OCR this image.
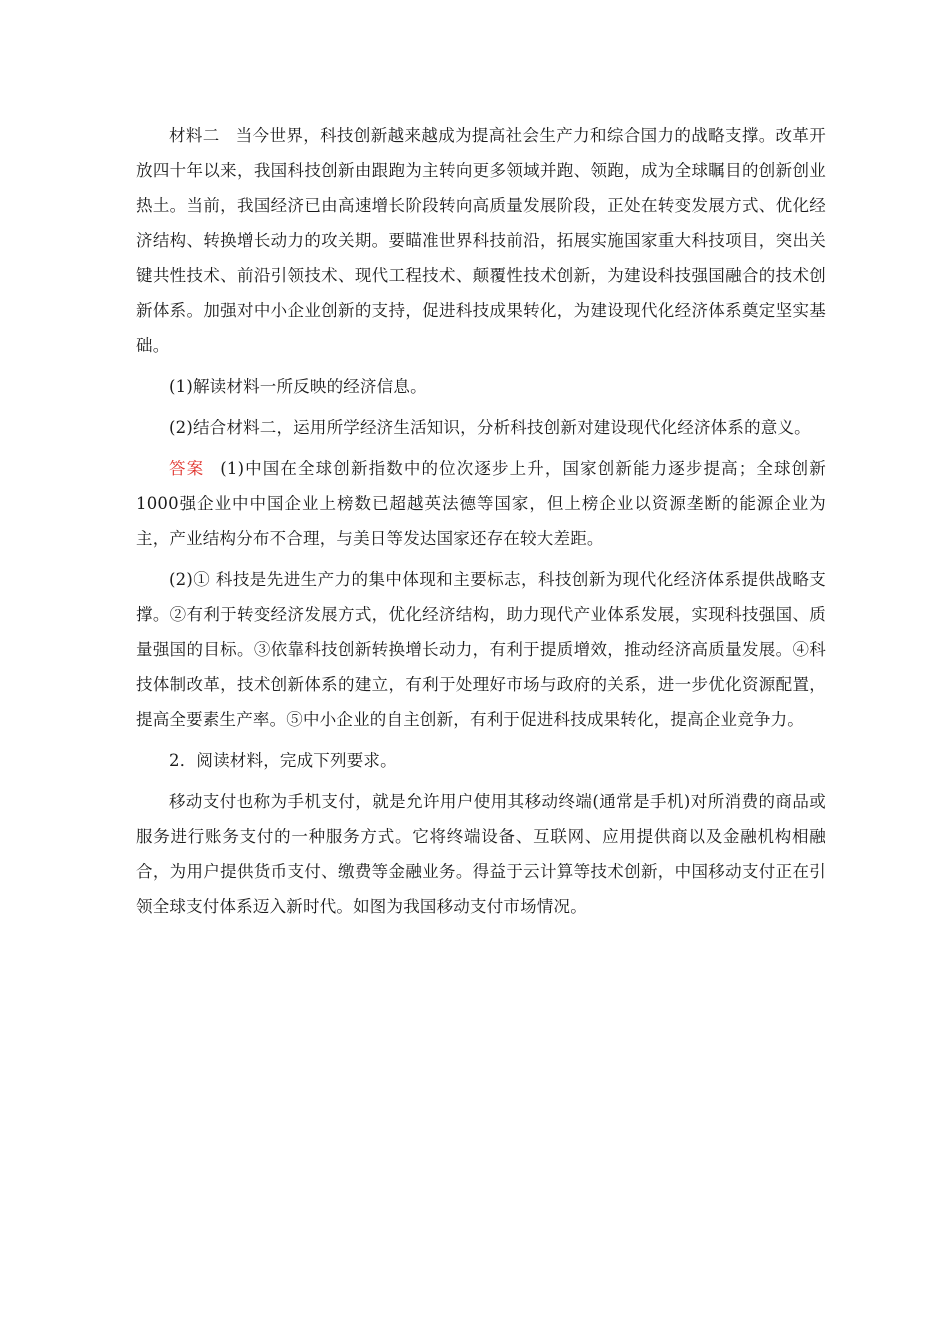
材料二 当今世界，科技创新越来越成为提高社会生产力和综合国力的战略支撑。改革开放四十年以来，我国科技创新由跟跑为主转向更多领域并跑、领跑，成为全球瞩目的创新创业热土。当前，我国经济已由高速增长阶段转向高质量发展阶段，正处在转变发展方式、优化经济结构、转换增长动力的攻关期。要瞄准世界科技前沿，拓展实施国家重大科技项目，突出关键共性技术、前沿引领技术、现代工程技术、颠覆性技术创新，为建设科技强国融合的技术创新体系。加强对中小企业创新的支持，促进科技成果转化，为建设现代化经济体系奠定坚实基础。

(1)解读材料一所反映的经济信息。

(2)结合材料二，运用所学经济生活知识，分析科技创新对建设现代化经济体系的意义。

答案 (1)中国在全球创新指数中的位次逐步上升，国家创新能力逐步提高；全球创新1000强企业中中国企业上榜数已超越英法德等国家，但上榜企业以资源垄断的能源企业为主，产业结构分布不合理，与美日等发达国家还存在较大差距。

(2)① 科技是先进生产力的集中体现和主要标志，科技创新为现代化经济体系提供战略支撑。②有利于转变经济发展方式，优化经济结构，助力现代产业体系发展，实现科技强国、质量强国的目标。③依靠科技创新转换增长动力，有利于提质增效，推动经济高质量发展。④科技体制改革，技术创新体系的建立，有利于处理好市场与政府的关系，进一步优化资源配置，提高全要素生产率。⑤中小企业的自主创新，有利于促进科技成果转化，提高企业竞争力。

2．阅读材料，完成下列要求。

移动支付也称为手机支付，就是允许用户使用其移动终端(通常是手机)对所消费的商品或服务进行账务支付的一种服务方式。它将终端设备、互联网、应用提供商以及金融机构相融合，为用户提供货币支付、缴费等金融业务。得益于云计算等技术创新，中国移动支付正在引领全球支付体系迈入新时代。如图为我国移动支付市场情况。
